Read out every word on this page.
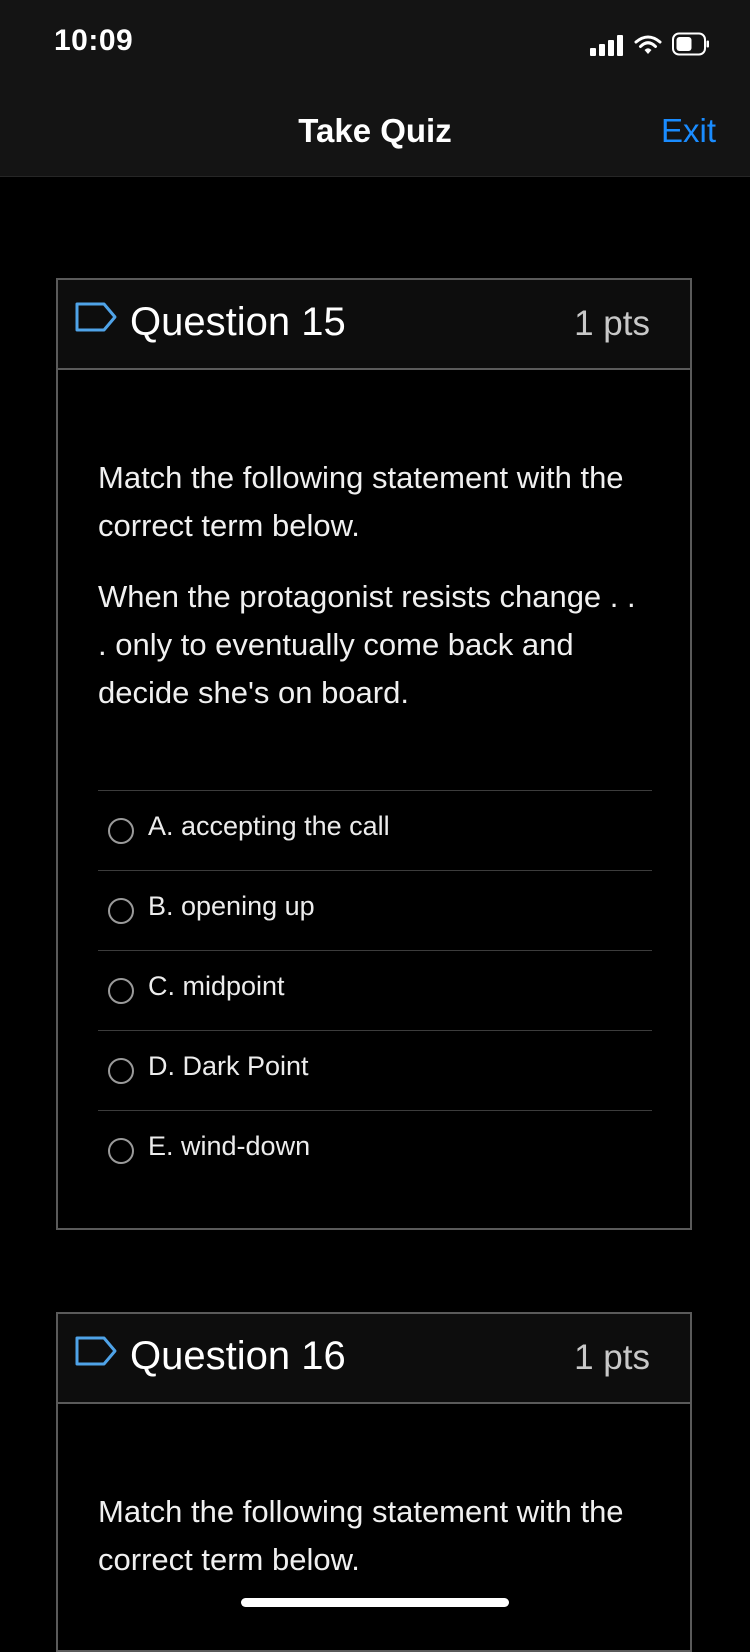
10:09
Take Quiz	Exit
Question 15	1 pts
Match the following statement with the correct term below.
When the protagonist resists change . . . only to eventually come back and decide she's on board.
A. accepting the call
B. opening up
C. midpoint
D. Dark Point
E. wind-down
Question 16	1 pts
Match the following statement with the correct term below.
